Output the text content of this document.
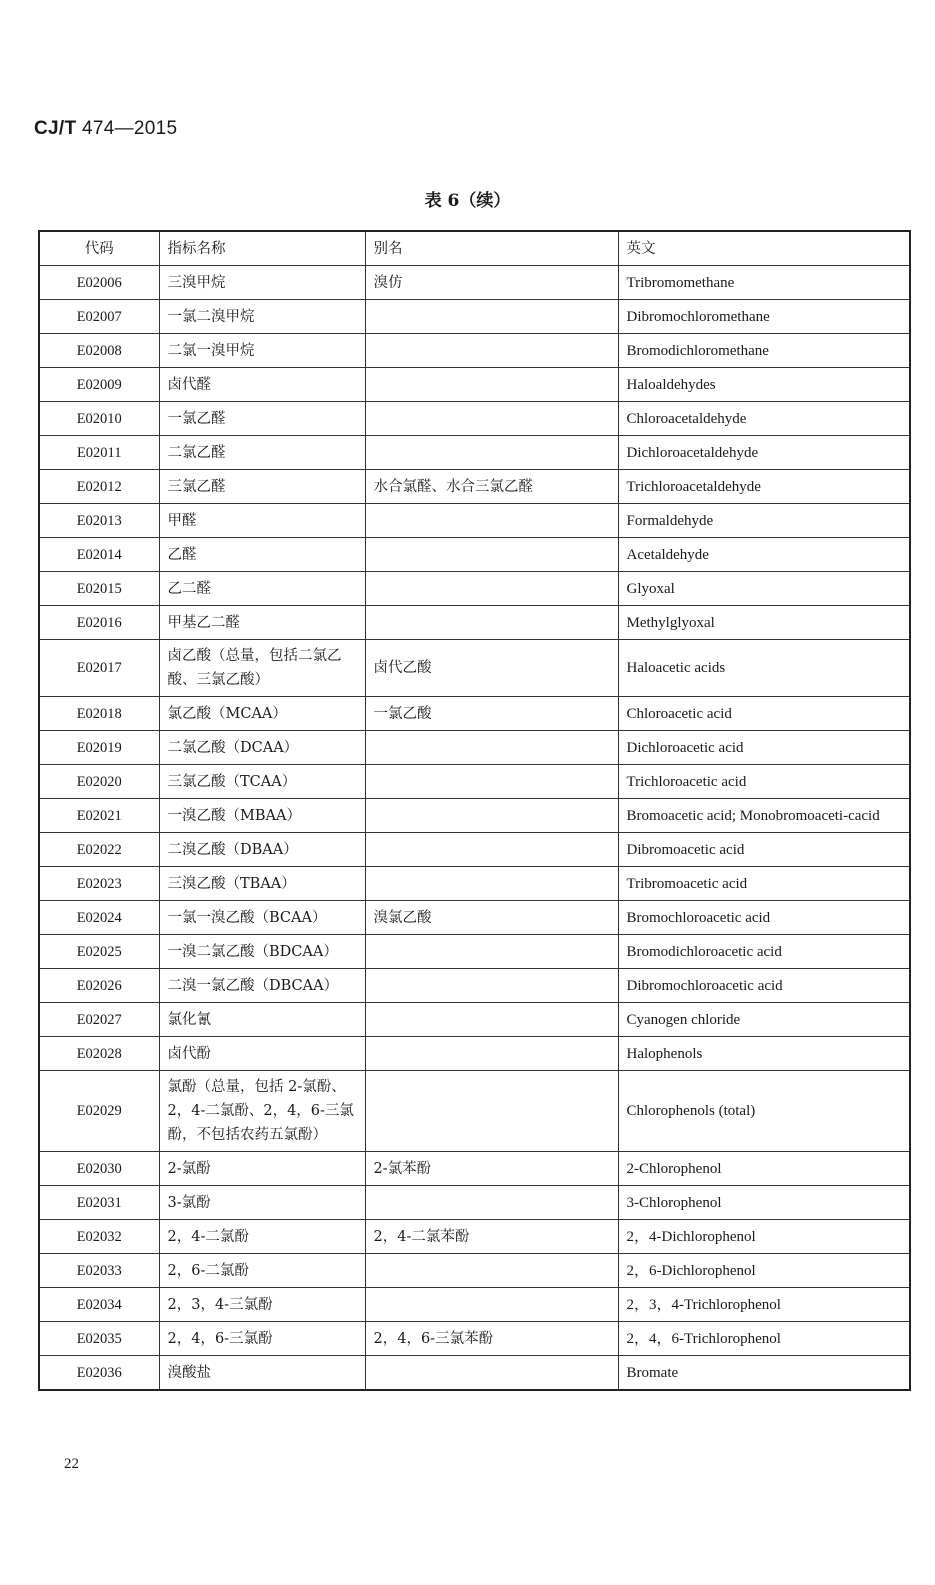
CJ/T 474—2015
表 6（续）
代码	指标名称	别名	英文
E02006	三溴甲烷	溴仿	Tribromomethane
E02007	一氯二溴甲烷		Dibromochloromethane
E02008	二氯一溴甲烷		Bromodichloromethane
E02009	卤代醛		Haloaldehydes
E02010	一氯乙醛		Chloroacetaldehyde
E02011	二氯乙醛		Dichloroacetaldehyde
E02012	三氯乙醛	水合氯醛、水合三氯乙醛	Trichloroacetaldehyde
E02013	甲醛		Formaldehyde
E02014	乙醛		Acetaldehyde
E02015	乙二醛		Glyoxal
E02016	甲基乙二醛		Methylglyoxal
E02017	卤乙酸（总量，包括二氯乙酸、三氯乙酸）	卤代乙酸	Haloacetic acids
E02018	氯乙酸（MCAA）	一氯乙酸	Chloroacetic acid
E02019	二氯乙酸（DCAA）		Dichloroacetic acid
E02020	三氯乙酸（TCAA）		Trichloroacetic acid
E02021	一溴乙酸（MBAA）		Bromoacetic acid; Monobromoaceti-cacid
E02022	二溴乙酸（DBAA）		Dibromoacetic acid
E02023	三溴乙酸（TBAA）		Tribromoacetic acid
E02024	一氯一溴乙酸（BCAA）	溴氯乙酸	Bromochloroacetic acid
E02025	一溴二氯乙酸（BDCAA）		Bromodichloroacetic acid
E02026	二溴一氯乙酸（DBCAA）		Dibromochloroacetic acid
E02027	氯化氰		Cyanogen chloride
E02028	卤代酚		Halophenols
E02029	氯酚（总量，包括 2-氯酚、2，4-二氯酚、2，4，6-三氯酚，不包括农药五氯酚）		Chlorophenols (total)
E02030	2-氯酚	2-氯苯酚	2-Chlorophenol
E02031	3-氯酚		3-Chlorophenol
E02032	2，4-二氯酚	2，4-二氯苯酚	2，4-Dichlorophenol
E02033	2，6-二氯酚		2，6-Dichlorophenol
E02034	2，3，4-三氯酚		2，3，4-Trichlorophenol
E02035	2，4，6-三氯酚	2，4，6-三氯苯酚	2，4，6-Trichlorophenol
E02036	溴酸盐		Bromate
22
